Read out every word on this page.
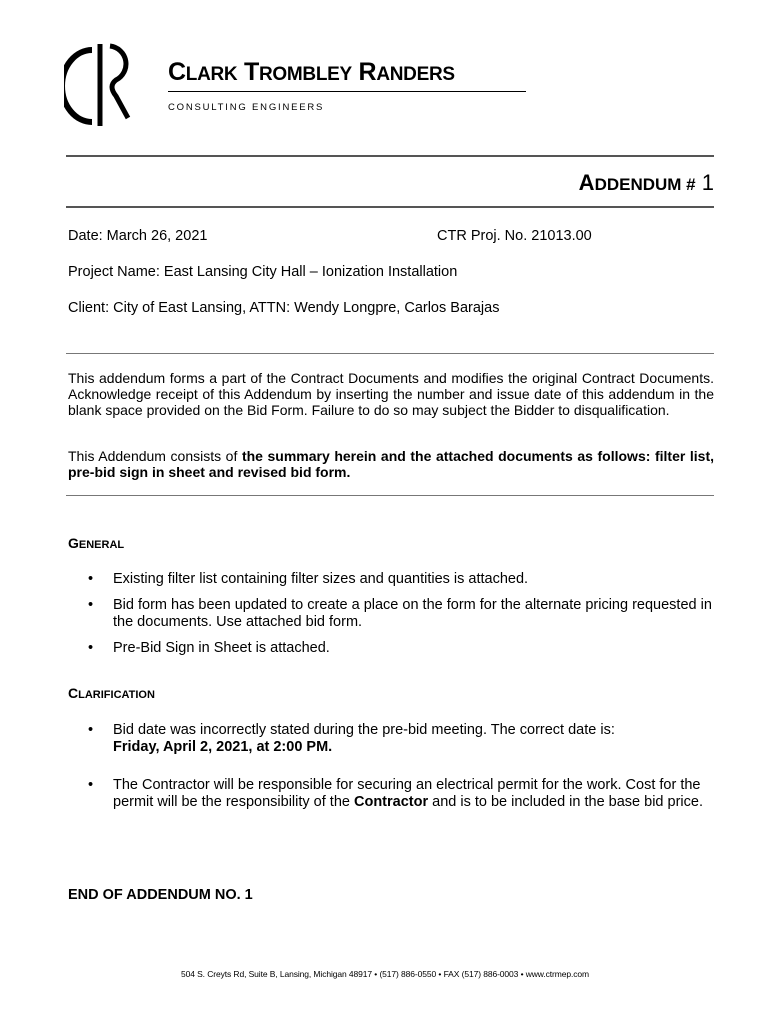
CLARK TROMBLEY RANDERS
CONSULTING ENGINEERS
ADDENDUM # 1
Date: March 26, 2021	CTR Proj. No. 21013.00
Project Name: East Lansing City Hall – Ionization Installation
Client: City of East Lansing, ATTN: Wendy Longpre, Carlos Barajas
This addendum forms a part of the Contract Documents and modifies the original Contract Documents. Acknowledge receipt of this Addendum by inserting the number and issue date of this addendum in the blank space provided on the Bid Form. Failure to do so may subject the Bidder to disqualification.
This Addendum consists of the summary herein and the attached documents as follows: filter list, pre-bid sign in sheet and revised bid form.
GENERAL
• Existing filter list containing filter sizes and quantities is attached.
• Bid form has been updated to create a place on the form for the alternate pricing requested in the documents. Use attached bid form.
• Pre-Bid Sign in Sheet is attached.
CLARIFICATION
• Bid date was incorrectly stated during the pre-bid meeting. The correct date is:
Friday, April 2, 2021, at 2:00 PM.
• The Contractor will be responsible for securing an electrical permit for the work. Cost for the permit will be the responsibility of the Contractor and is to be included in the base bid price.
END OF ADDENDUM NO. 1
504 S. Creyts Rd, Suite B, Lansing, Michigan 48917 • (517) 886-0550 • FAX (517) 886-0003 • www.ctrmep.com
